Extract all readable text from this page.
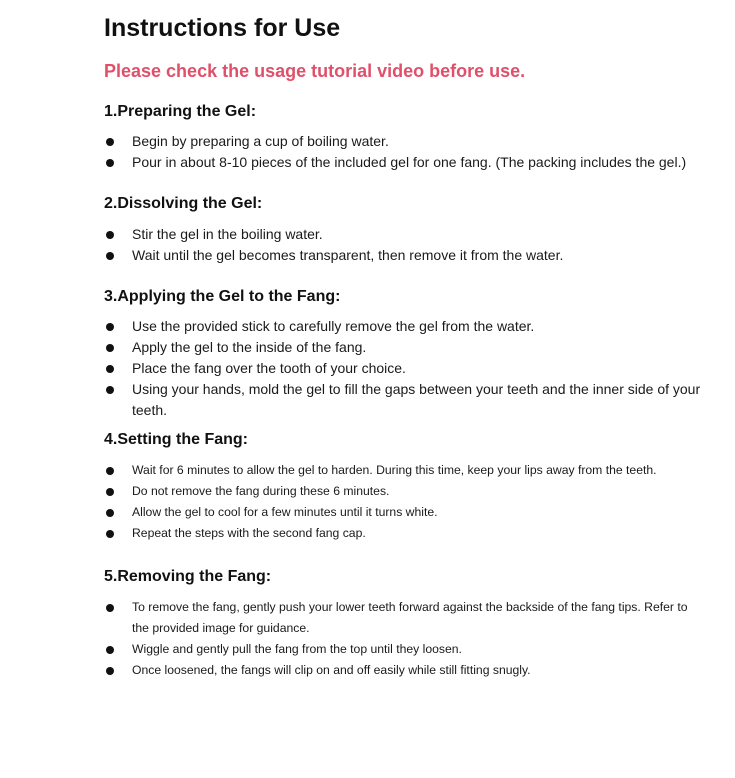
Instructions for Use

Please check the usage tutorial video before use.

1.Preparing the Gel:
Begin by preparing a cup of boiling water.
Pour in about 8-10 pieces of the included gel for one fang. (The packing includes the gel.)
2.Dissolving the Gel:
Stir the gel in the boiling water.
Wait until the gel becomes transparent, then remove it from the water.
3.Applying the Gel to the Fang:
Use the provided stick to carefully remove the gel from the water.
Apply the gel to the inside of the fang.
Place the fang over the tooth of your choice.
Using your hands, mold the gel to fill the gaps between your teeth and the inner side of your teeth.
4.Setting the Fang:
Wait for 6 minutes to allow the gel to harden. During this time, keep your lips away from the teeth.
Do not remove the fang during these 6 minutes.
Allow the gel to cool for a few minutes until it turns white.
Repeat the steps with the second fang cap.
5.Removing the Fang:
To remove the fang, gently push your lower teeth forward against the backside of the fang tips. Refer to the provided image for guidance.
Wiggle and gently pull the fang from the top until they loosen.
Once loosened, the fangs will clip on and off easily while still fitting snugly.
